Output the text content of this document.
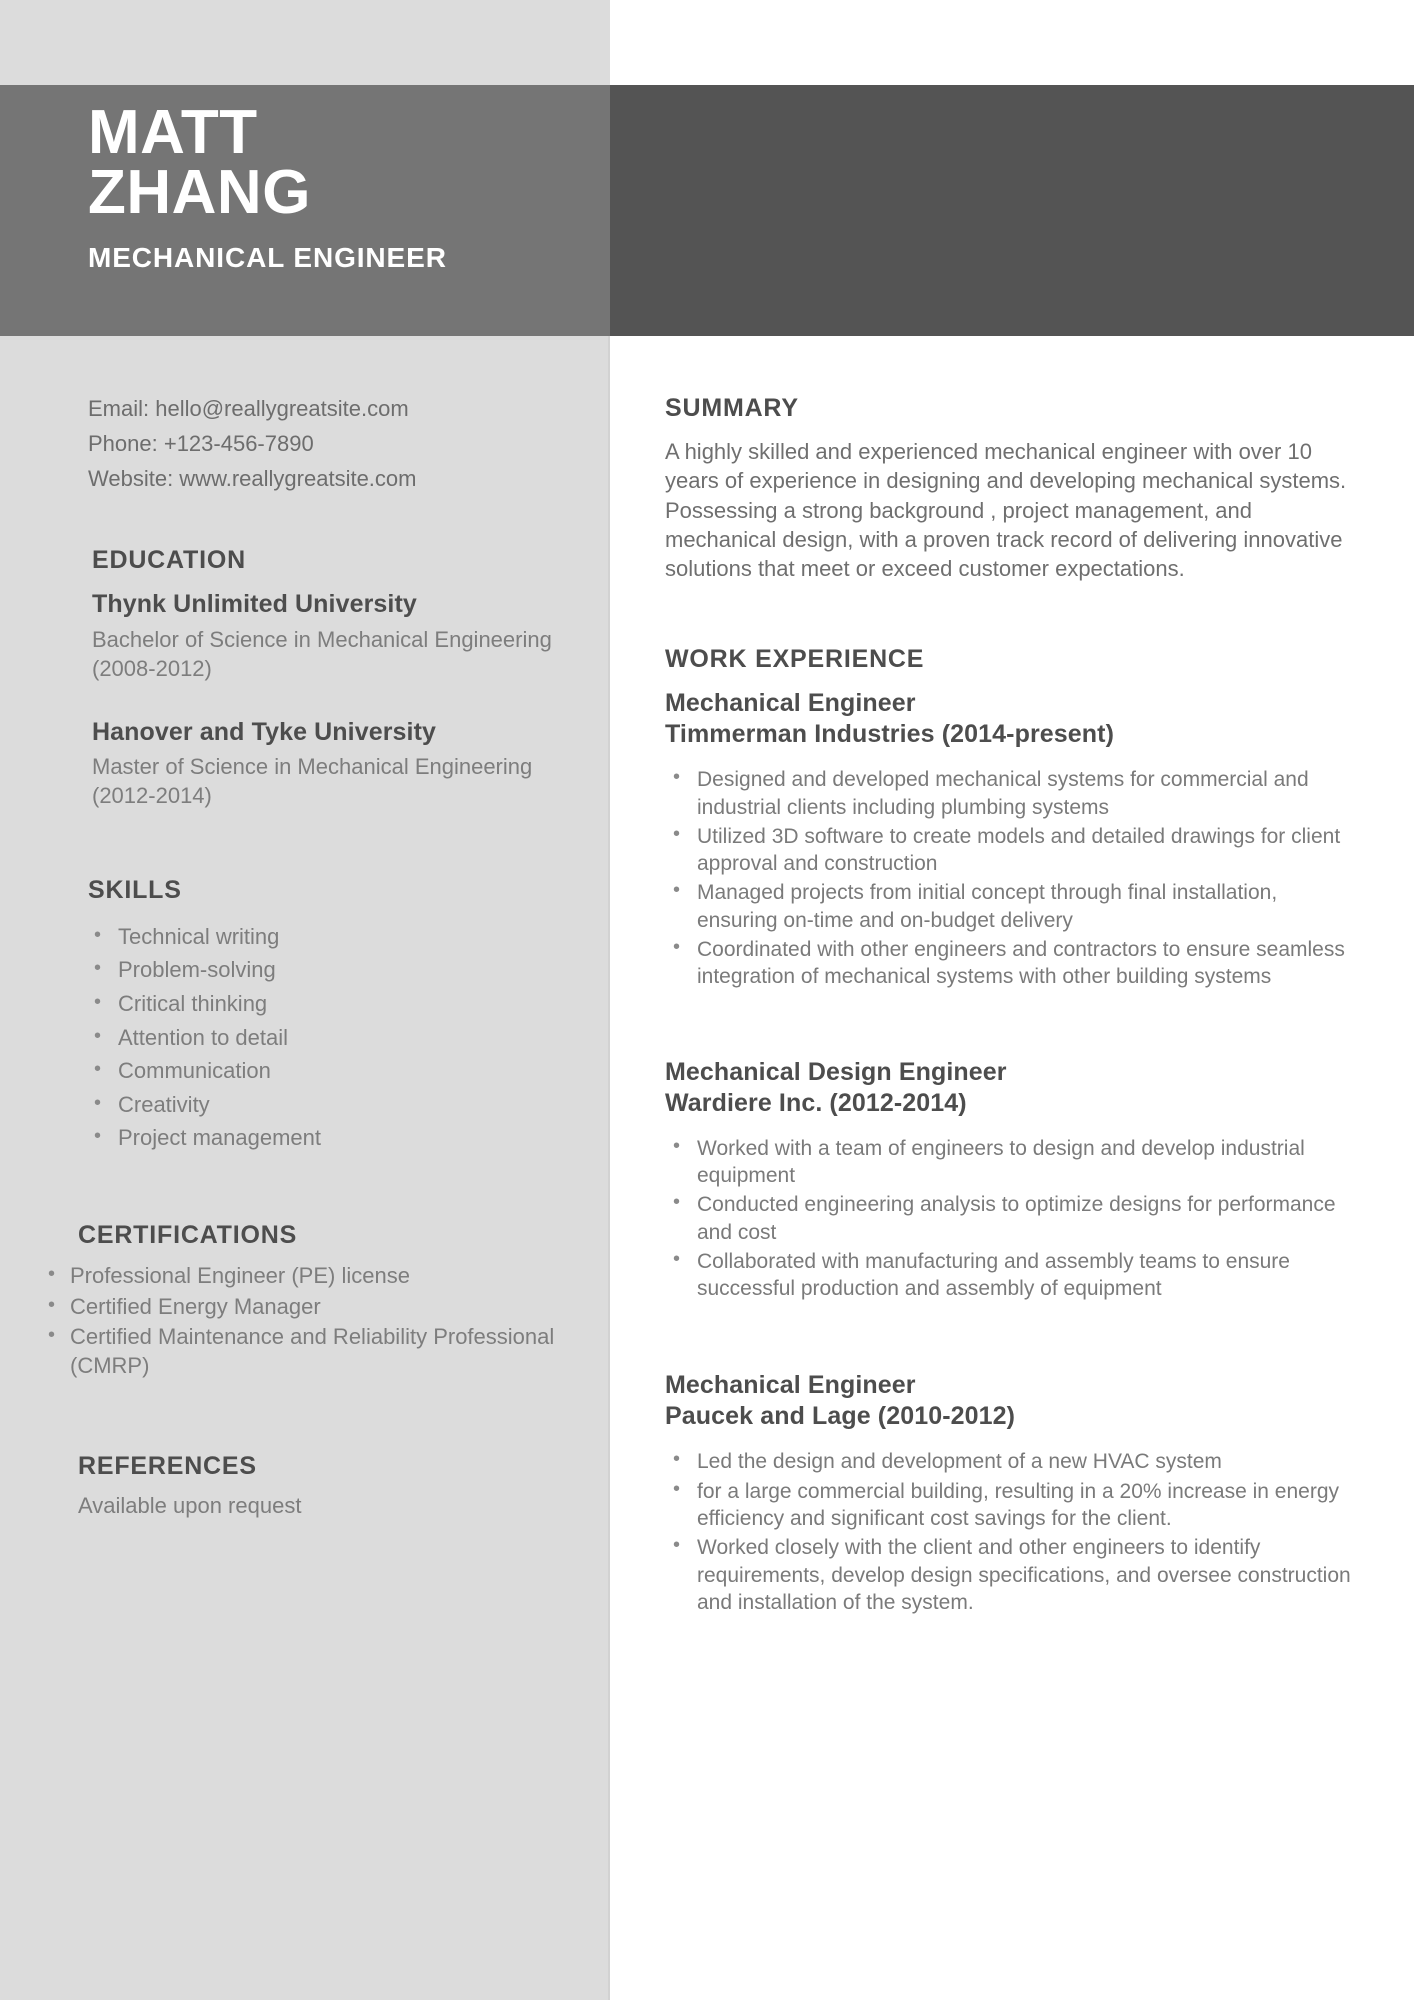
MATT
ZHANG
MECHANICAL ENGINEER
Email: hello@reallygreatsite.com
Phone: +123-456-7890
Website: www.reallygreatsite.com
EDUCATION
Thynk Unlimited University
Bachelor of Science in Mechanical Engineering
(2008-2012)
Hanover and Tyke University
Master of Science in Mechanical Engineering
(2012-2014)
SKILLS
• Technical writing
• Problem-solving
• Critical thinking
• Attention to detail
• Communication
• Creativity
• Project management
CERTIFICATIONS
• Professional Engineer (PE) license
• Certified Energy Manager
• Certified Maintenance and Reliability Professional (CMRP)
REFERENCES
Available upon request
SUMMARY
A highly skilled and experienced mechanical engineer with over 10 years of experience in designing and developing mechanical systems. Possessing a strong background , project management, and mechanical design, with a proven track record of delivering innovative solutions that meet or exceed customer expectations.
WORK EXPERIENCE
Mechanical Engineer
Timmerman Industries (2014-present)
• Designed and developed mechanical systems for commercial and industrial clients including plumbing systems
• Utilized 3D software to create models and detailed drawings for client approval and construction
• Managed projects from initial concept through final installation, ensuring on-time and on-budget delivery
• Coordinated with other engineers and contractors to ensure seamless integration of mechanical systems with other building systems
Mechanical Design Engineer
Wardiere Inc. (2012-2014)
• Worked with a team of engineers to design and develop industrial equipment
• Conducted engineering analysis to optimize designs for performance and cost
• Collaborated with manufacturing and assembly teams to ensure successful production and assembly of equipment
Mechanical Engineer
Paucek and Lage (2010-2012)
• Led the design and development of a new HVAC system
• for a large commercial building, resulting in a 20% increase in energy efficiency and significant cost savings for the client.
• Worked closely with the client and other engineers to identify requirements, develop design specifications, and oversee construction and installation of the system.
